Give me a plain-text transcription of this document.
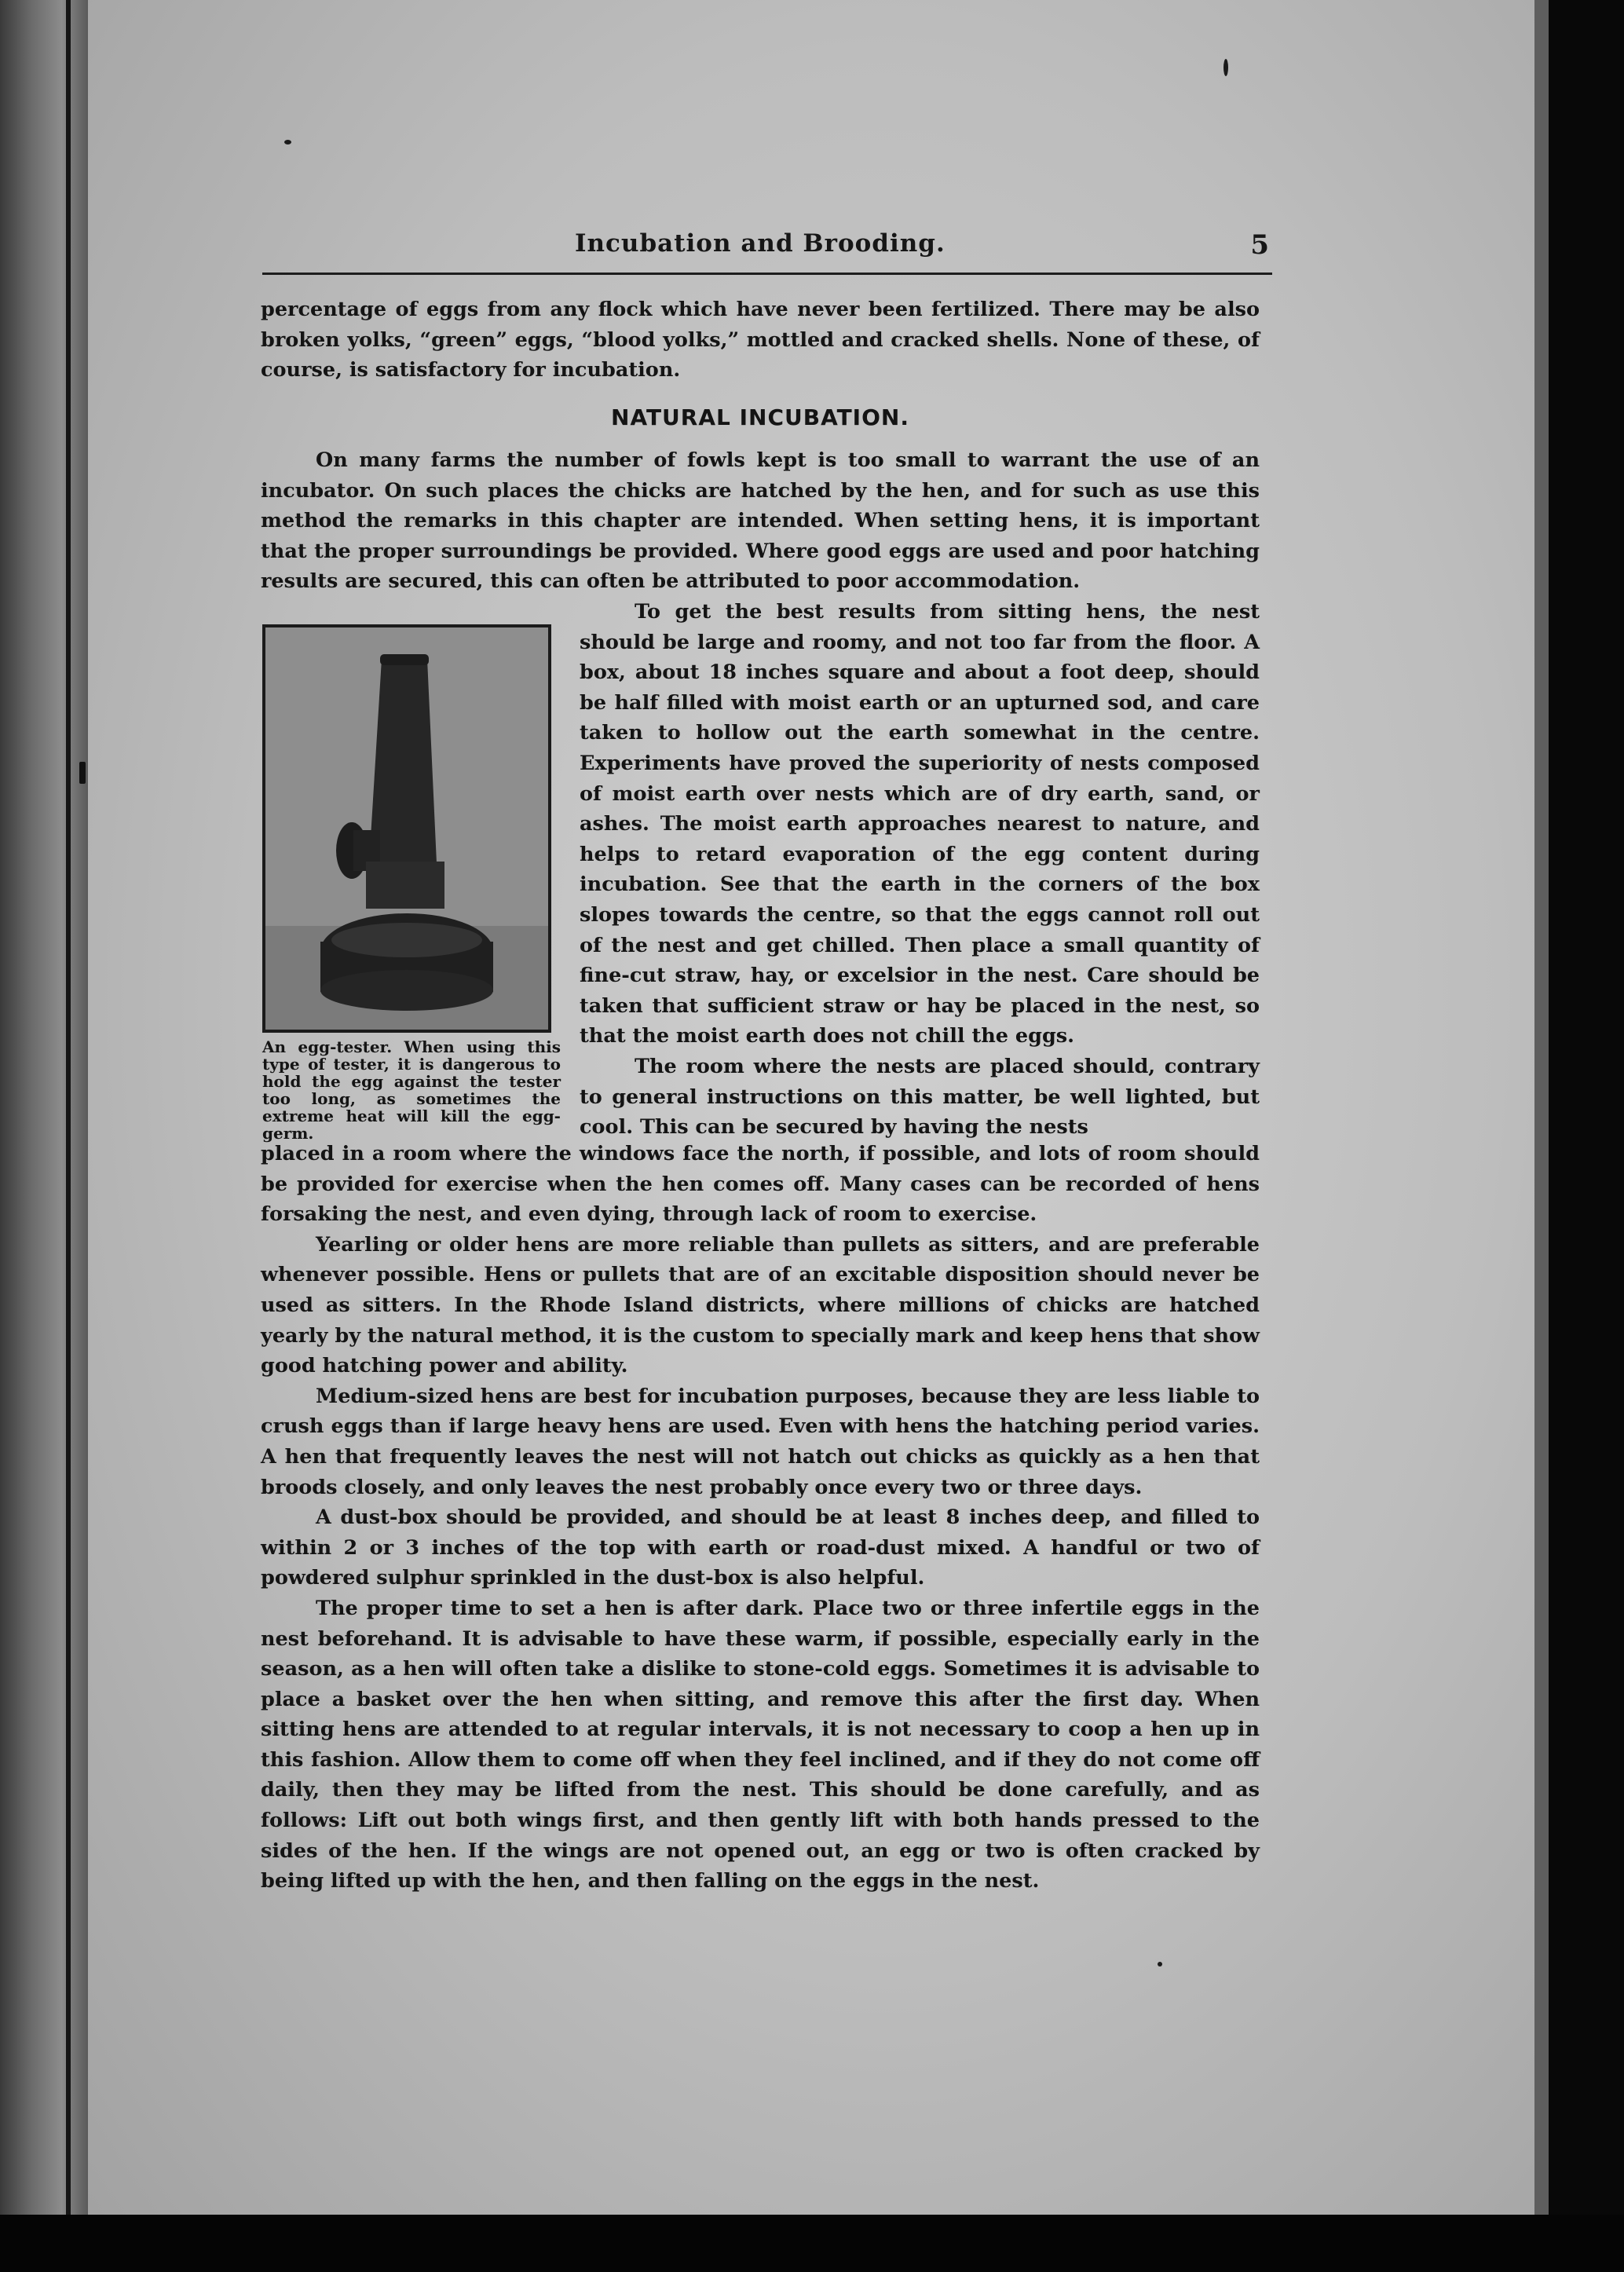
Incubation and Brooding.	5

percentage of eggs from any flock which have never been fertilized. There may be also broken yolks, “green” eggs, “blood yolks,” mottled and cracked shells. None of these, of course, is satisfactory for incubation.

NATURAL INCUBATION.

On many farms the number of fowls kept is too small to warrant the use of an incubator. On such places the chicks are hatched by the hen, and for such as use this method the remarks in this chapter are intended. When setting hens, it is important that the proper surroundings be provided. Where good eggs are used and poor hatching results are secured, this can often be attributed to poor accommodation.

An egg-tester. When using this type of tester, it is dangerous to hold the egg against the tester too long, as sometimes the extreme heat will kill the egg-germ.

To get the best results from sitting hens, the nest should be large and roomy, and not too far from the floor. A box, about 18 inches square and about a foot deep, should be half filled with moist earth or an upturned sod, and care taken to hollow out the earth somewhat in the centre. Experiments have proved the superiority of nests composed of moist earth over nests which are of dry earth, sand, or ashes. The moist earth approaches nearest to nature, and helps to retard evaporation of the egg content during incubation. See that the earth in the corners of the box slopes towards the centre, so that the eggs cannot roll out of the nest and get chilled. Then place a small quantity of fine-cut straw, hay, or excelsior in the nest. Care should be taken that sufficient straw or hay be placed in the nest, so that the moist earth does not chill the eggs.

The room where the nests are placed should, contrary to general instructions on this matter, be well lighted, but cool. This can be secured by having the nests

placed in a room where the windows face the north, if possible, and lots of room should be provided for exercise when the hen comes off. Many cases can be recorded of hens forsaking the nest, and even dying, through lack of room to exercise.

Yearling or older hens are more reliable than pullets as sitters, and are preferable whenever possible. Hens or pullets that are of an excitable disposition should never be used as sitters. In the Rhode Island districts, where millions of chicks are hatched yearly by the natural method, it is the custom to specially mark and keep hens that show good hatching power and ability.

Medium-sized hens are best for incubation purposes, because they are less liable to crush eggs than if large heavy hens are used. Even with hens the hatching period varies. A hen that frequently leaves the nest will not hatch out chicks as quickly as a hen that broods closely, and only leaves the nest probably once every two or three days.

A dust-box should be provided, and should be at least 8 inches deep, and filled to within 2 or 3 inches of the top with earth or road-dust mixed. A handful or two of powdered sulphur sprinkled in the dust-box is also helpful.

The proper time to set a hen is after dark. Place two or three infertile eggs in the nest beforehand. It is advisable to have these warm, if possible, especially early in the season, as a hen will often take a dislike to stone-cold eggs. Sometimes it is advisable to place a basket over the hen when sitting, and remove this after the first day. When sitting hens are attended to at regular intervals, it is not necessary to coop a hen up in this fashion. Allow them to come off when they feel inclined, and if they do not come off daily, then they may be lifted from the nest. This should be done carefully, and as follows: Lift out both wings first, and then gently lift with both hands pressed to the sides of the hen. If the wings are not opened out, an egg or two is often cracked by being lifted up with the hen, and then falling on the eggs in the nest.
